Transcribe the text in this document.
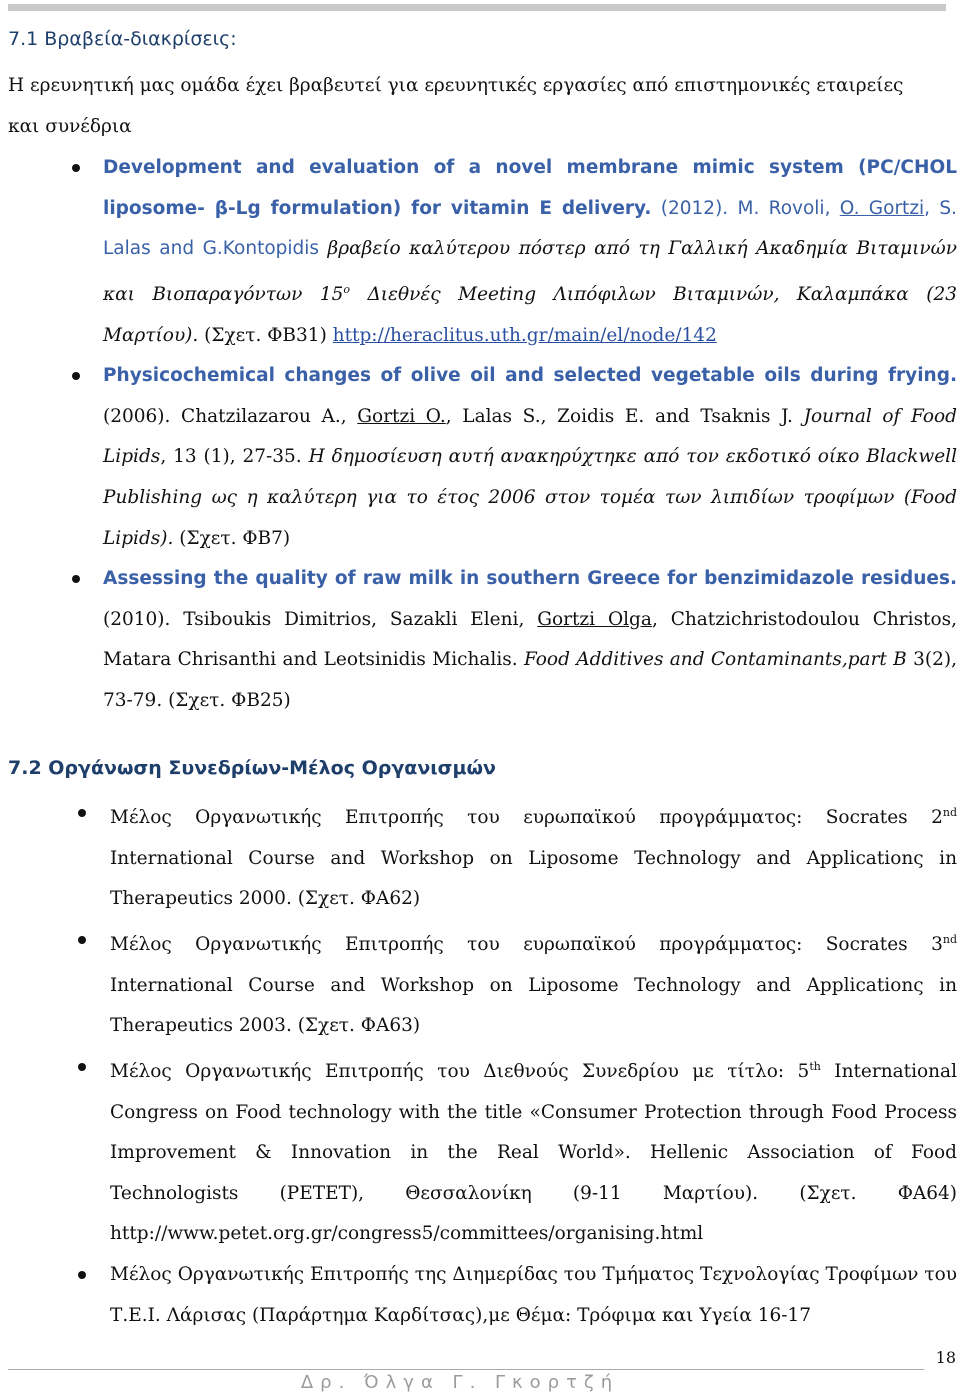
7.1 Βραβεία-διακρίσεις:
Η ερευνητική μας ομάδα έχει βραβευτεί για ερευνητικές εργασίες από επιστημονικές εταιρείες και συνέδρια
Development and evaluation of a novel membrane mimic system (PC/CHOL liposome- β-Lg formulation) for vitamin E delivery. (2012). M. Rovoli, O. Gortzi, S. Lalas and G.Kontopidis βραβείο καλύτερου πόστερ από τη Γαλλική Ακαδημία Βιταμινών και Βιοπαραγόντων $15^o$ Διεθνές Meeting Λιπόφιλων Βιταμινών, Καλαμπάκα (23 Μαρτίου). (Σχετ. ΦΒ31) http://heraclitus.uth.gr/main/el/node/142
Physicochemical changes of olive oil and selected vegetable oils during frying. (2006). Chatzilazarou A., Gortzi O., Lalas S., Zoidis E. and Tsaknis J. Journal of Food Lipids, 13 (1), 27-35. Η δημοσίευση αυτή ανακηρύχτηκε από τον εκδοτικό οίκο Blackwell Publishing ως η καλύτερη για το έτος 2006 στον τομέα των λιπιδίων τροφίμων (Food Lipids). (Σχετ. ΦΒ7)
Assessing the quality of raw milk in southern Greece for benzimidazole residues. (2010). Tsiboukis Dimitrios, Sazakli Eleni, Gortzi Olga, Chatzichristodoulou Christos, Matara Chrisanthi and Leotsinidis Michalis. Food Additives and Contaminants,part B 3(2), 73-79. (Σχετ. ΦΒ25)
7.2 Οργάνωση Συνεδρίων-Μέλος Οργανισμών
Μέλος Οργανωτικής Επιτροπής του ευρωπαϊκού προγράμματος: Socrates 2nd International Course and Workshop on Liposome Technology and Applicationς in Therapeutics 2000. (Σχετ. ΦΑ62)
Μέλος Οργανωτικής Επιτροπής του ευρωπαϊκού προγράμματος: Socrates 3nd International Course and Workshop on Liposome Technology and Applicationς in Therapeutics 2003. (Σχετ. ΦΑ63)
Μέλος Οργανωτικής Επιτροπής του Διεθνούς Συνεδρίου με τίτλο: 5th International Congress on Food technology with the title «Consumer Protection through Food Process Improvement & Innovation in the Real World». Hellenic Association of Food Technologists (PETET), Θεσσαλονίκη (9-11 Μαρτίου). (Σχετ. ΦΑ64) http://www.petet.org.gr/congress5/committees/organising.html
Μέλος Οργανωτικής Επιτροπής της Διημερίδας του Τμήματος Τεχνολογίας Τροφίμων του Τ.Ε.Ι. Λάρισας (Παράρτημα Καρδίτσας),με Θέμα: Τρόφιμα και Υγεία 16-17
18
Δρ. Όλγα Γ. Γκορτζή
